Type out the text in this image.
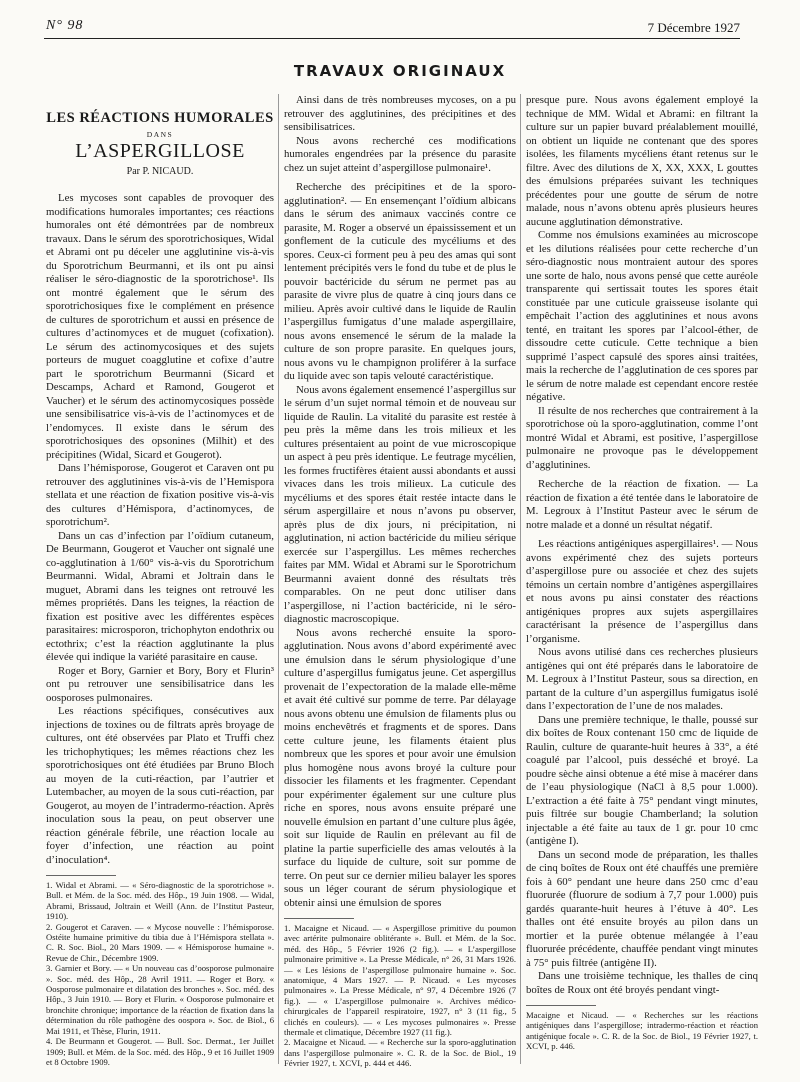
N° 98	7 Décembre 1927
TRAVAUX ORIGINAUX
LES RÉACTIONS HUMORALES
DANS
L’ASPERGILLOSE
Par P. NICAUD.

Les mycoses sont capables de provoquer des modifications humorales importantes; ces réactions humorales ont été démontrées par de nombreux travaux. Dans le sérum des sporotrichosiques, Widal et Abrami ont pu déceler une agglutinine vis-à-vis du Sporotrichum Beurmanni, et ils ont pu ainsi réaliser le séro-diagnostic de la sporotrichose¹. Ils ont montré également que le sérum des sporotrichosiques fixe le complément en présence de cultures de sporotrichum et aussi en présence de cultures d’actinomyces et de muguet (cofixation). Le sérum des actinomycosiques et des sujets porteurs de muguet coagglutine et cofixe d’autre part le sporotrichum Beurmanni (Sicard et Descamps, Achard et Ramond, Gougerot et Vaucher) et le sérum des actinomycosiques possède une sensibilisatrice vis-à-vis de l’actinomyces et de l’endomyces. Il existe dans le sérum des sporotrichosiques des opsonines (Milhit) et des précipitines (Widal, Sicard et Gougerot).

Dans l’hémisporose, Gougerot et Caraven ont pu retrouver des agglutinines vis-à-vis de l’Hemispora stellata et une réaction de fixation positive vis-à-vis des cultures d’Hémispora, d’actinomyces, de sporotrichum².

Dans un cas d’infection par l’oïdium cutaneum, De Beurmann, Gougerot et Vaucher ont signalé une co-agglutination à 1/60° vis-à-vis du Sporotrichum Beurmanni. Widal, Abrami et Joltrain dans le muguet, Abrami dans les teignes ont retrouvé les mêmes propriétés. Dans les teignes, la réaction de fixation est positive avec les différentes espèces parasitaires: microsporon, trichophyton endothrix ou ectothrix; c’est la réaction agglutinante la plus élevée qui indique la variété parasitaire en cause.

Roger et Bory, Garnier et Bory, Bory et Flurin³ ont pu retrouver une sensibilisatrice dans les oosporoses pulmonaires.

Les réactions spécifiques, consécutives aux injections de toxines ou de filtrats après broyage de cultures, ont été observées par Plato et Truffi chez les trichophytiques; les mêmes réactions chez les sporotrichosiques ont été étudiées par Bruno Bloch au moyen de la cuti-réaction, par l’autrier et Lutembacher, au moyen de la sous cuti-réaction, par Gougerot, au moyen de l’intradermo-réaction. Après inoculation sous la peau, on peut observer une réaction générale fébrile, une réaction locale au foyer d’infection, une réaction au point d’inoculation⁴.

1. Widal et Abrami. — « Séro-diagnostic de la sporotrichose ». Bull. et Mém. de la Soc. méd. des Hôp., 19 Juin 1908. — Widal, Abrami, Brissaud, Joltrain et Weill (Ann. de l’Institut Pasteur, 1910).
2. Gougerot et Caraven. — « Mycose nouvelle : l’hémisporose. Ostéite humaine primitive du tibia due à l’Hémispora stellata ». C. R. Soc. Biol., 20 Mars 1909. — « Hémisporose humaine ». Revue de Chir., Décembre 1909.
3. Garnier et Bory. — « Un nouveau cas d’oosporose pulmonaire ». Soc. méd. des Hôp., 28 Avril 1911. — Roger et Bory. « Oosporose pulmonaire et dilatation des bronches ». Soc. méd. des Hôp., 3 Juin 1910. — Bory et Flurin. « Oosporose pulmonaire et bronchite chronique; importance de la réaction de fixation dans la détermination du rôle pathogène des oospora ». Soc. de Biol., 6 Mai 1911, et Thèse, Flurin, 1911.
4. De Beurmann et Gougerot. — Bull. Soc. Dermat., 1er Juillet 1909; Bull. et Mém. de la Soc. méd. des Hôp., 9 et 16 Juillet 1909 et 8 Octobre 1909.

Ainsi dans de très nombreuses mycoses, on a pu retrouver des agglutinines, des précipitines et des sensibilisatrices.

Nous avons recherché ces modifications humorales engendrées par la présence du parasite chez un sujet atteint d’aspergillose pulmonaire¹.

Recherche des précipitines et de la sporo-agglutination². — En ensemençant l’oïdium albicans dans le sérum des animaux vaccinés contre ce parasite, M. Roger a observé un épaississement et un gonflement de la cuticule des mycéliums et des spores. Ceux-ci forment peu à peu des amas qui sont lentement précipités vers le fond du tube et de plus le pouvoir bactéricide du sérum ne permet pas au parasite de vivre plus de quatre à cinq jours dans ce milieu. Après avoir cultivé dans le liquide de Raulin l’aspergillus fumigatus d’une malade aspergillaire, nous avons ensemencé le sérum de la malade la culture de son propre parasite. En quelques jours, nous avons vu le champignon proliférer à la surface du liquide avec son tapis velouté caractéristique.

Nous avons également ensemencé l’aspergillus sur le sérum d’un sujet normal témoin et de nouveau sur liquide de Raulin. La vitalité du parasite est restée à peu près la même dans les trois milieux et les cultures présentaient au point de vue microscopique un aspect à peu près identique. Le feutrage mycélien, les formes fructifères étaient aussi abondants et aussi vivaces dans les trois milieux. La cuticule des mycéliums et des spores était restée intacte dans le sérum aspergillaire et nous n’avons pu observer, après plus de dix jours, ni précipitation, ni agglutination, ni action bactéricide du milieu sérique exercée sur l’aspergillus. Les mêmes recherches faites par MM. Widal et Abrami sur le Sporotrichum Beurmanni avaient donné des résultats très comparables. On ne peut donc utiliser dans l’aspergillose, ni l’action bactéricide, ni le séro-diagnostic macroscopique.

Nous avons recherché ensuite la sporo-agglutination. Nous avons d’abord expérimenté avec une émulsion dans le sérum physiologique d’une culture d’aspergillus fumigatus jeune. Cet aspergillus provenait de l’expectoration de la malade elle-même et avait été cultivé sur pomme de terre. Par délayage nous avons obtenu une émulsion de filaments plus ou moins enchevêtrés et fragments et de spores. Dans cette culture jeune, les filaments étaient plus nombreux que les spores et pour avoir une émulsion plus homogène nous avons broyé la culture pour dissocier les filaments et les fragmenter. Cependant pour expérimenter également sur une culture plus riche en spores, nous avons ensuite préparé une nouvelle émulsion en partant d’une culture plus âgée, soit sur liquide de Raulin en prélevant au fil de platine la partie superficielle des amas veloutés à la surface du liquide de culture, soit sur pomme de terre. On peut sur ce dernier milieu balayer les spores sous un léger courant de sérum physiologique et obtenir ainsi une émulsion de spores

1. Macaigne et Nicaud. — « Aspergillose primitive du poumon avec artérite pulmonaire oblitérante ». Bull. et Mém. de la Soc. méd. des Hôp., 5 Février 1926 (2 fig.). — « L’aspergillose pulmonaire primitive ». La Presse Médicale, n° 26, 31 Mars 1926. — « Les lésions de l’aspergillose pulmonaire humaine ». Soc. anatomique, 4 Mars 1927. — P. Nicaud. « Les mycoses pulmonaires ». La Presse Médicale, n° 97, 4 Décembre 1926 (7 fig.). — « L’aspergillose pulmonaire ». Archives médico-chirurgicales de l’appareil respiratoire, 1927, n° 3 (11 fig., 5 clichés en couleurs). — « Les mycoses pulmonaires ». Presse thermale et climatique, Décembre 1927 (11 fig.).
2. Macaigne et Nicaud. — « Recherche sur la sporo-agglutination dans l’aspergillose pulmonaire ». C. R. de la Soc. de Biol., 19 Février 1927, t. XCVI, p. 444 et 446.

presque pure. Nous avons également employé la technique de MM. Widal et Abrami: en filtrant la culture sur un papier buvard préalablement mouillé, on obtient un liquide ne contenant que des spores isolées, les filaments mycéliens étant retenus sur le filtre. Avec des dilutions de X, XX, XXX, L gouttes des émulsions préparées suivant les techniques précédentes pour une goutte de sérum de notre malade, nous n’avons obtenu après plusieurs heures aucune agglutination démonstrative.

Comme nos émulsions examinées au microscope et les dilutions réalisées pour cette recherche d’un séro-diagnostic nous montraient autour des spores une sorte de halo, nous avons pensé que cette auréole transparente qui sertissait toutes les spores était constituée par une cuticule graisseuse isolante qui empêchait l’action des agglutinines et nous avons tenté, en traitant les spores par l’alcool-éther, de dissoudre cette cuticule. Cette technique a bien supprimé l’aspect capsulé des spores ainsi traitées, mais la recherche de l’agglutination de ces spores par le sérum de notre malade est cependant encore restée négative.

Il résulte de nos recherches que contrairement à la sporotrichose où la sporo-agglutination, comme l’ont montré Widal et Abrami, est positive, l’aspergillose pulmonaire ne provoque pas le développement d’agglutinines.

Recherche de la réaction de fixation. — La réaction de fixation a été tentée dans le laboratoire de M. Legroux à l’Institut Pasteur avec le sérum de notre malade et a donné un résultat négatif.

Les réactions antigéniques aspergillaires¹. — Nous avons expérimenté chez des sujets porteurs d’aspergillose pure ou associée et chez des sujets témoins un certain nombre d’antigènes aspergillaires et nous avons pu ainsi constater des réactions antigéniques propres aux sujets aspergillaires caractérisant la présence de l’aspergillus dans l’organisme.

Nous avons utilisé dans ces recherches plusieurs antigènes qui ont été préparés dans le laboratoire de M. Legroux à l’Institut Pasteur, sous sa direction, en partant de la culture d’un aspergillus fumigatus isolé dans l’expectoration de l’une de nos malades.

Dans une première technique, le thalle, poussé sur dix boîtes de Roux contenant 150 cmc de liquide de Raulin, culture de quarante-huit heures à 33°, a été coagulé par l’alcool, puis desséché et broyé. La poudre sèche ainsi obtenue a été mise à macérer dans de l’eau physiologique (NaCl à 8,5 pour 1.000). L’extraction a été faite à 75° pendant vingt minutes, puis filtrée sur bougie Chamberland; la solution injectable a été faite au taux de 1 gr. pour 10 cmc (antigène I).

Dans un second mode de préparation, les thalles de cinq boîtes de Roux ont été chauffés une première fois à 60° pendant une heure dans 250 cmc d’eau fluorurée (fluorure de sodium à 7,7 pour 1.000) puis gardés quarante-huit heures à l’étuve à 40°. Les thalles ont été ensuite broyés au pilon dans un mortier et la purée obtenue mélangée à l’eau fluorurée précédente, chauffée pendant vingt minutes à 75° puis filtrée (antigène II).

Dans une troisième technique, les thalles de cinq boîtes de Roux ont été broyés pendant vingt-

Macaigne et Nicaud. — « Recherches sur les réactions antigéniques dans l’aspergillose; intradermo-réaction et réaction antigénique focale ». C. R. de la Soc. de Biol., 19 Février 1927, t. XCVI, p. 446.
